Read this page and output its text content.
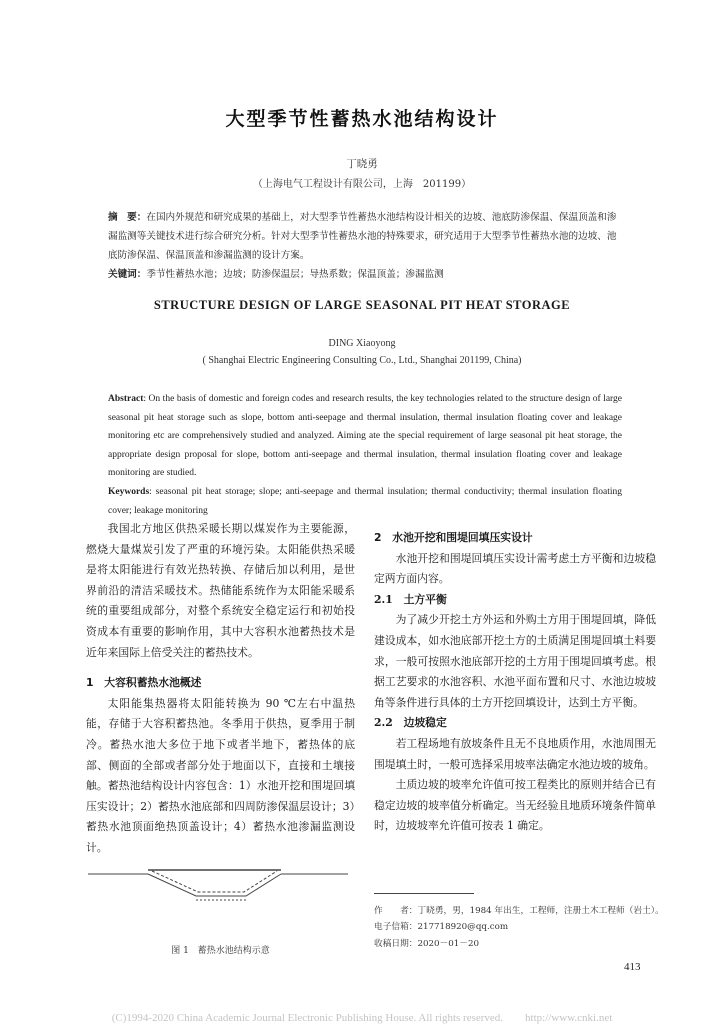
大型季节性蓄热水池结构设计
丁晓勇
（上海电气工程设计有限公司，上海　201199）
摘　要：在国内外规范和研究成果的基础上，对大型季节性蓄热水池结构设计相关的边坡、池底防渗保温、保温顶盖和渗漏监测等关键技术进行综合研究分析。针对大型季节性蓄热水池的特殊要求，研究适用于大型季节性蓄热水池的边坡、池底防渗保温、保温顶盖和渗漏监测的设计方案。
关键词：季节性蓄热水池；边坡；防渗保温层；导热系数；保温顶盖；渗漏监测
STRUCTURE DESIGN OF LARGE SEASONAL PIT HEAT STORAGE
DING Xiaoyong
( Shanghai Electric Engineering Consulting Co., Ltd., Shanghai 201199, China)
Abstract: On the basis of domestic and foreign codes and research results, the key technologies related to the structure design of large seasonal pit heat storage such as slope, bottom anti-seepage and thermal insulation, thermal insulation floating cover and leakage monitoring etc are comprehensively studied and analyzed. Aiming ate the special requirement of large seasonal pit heat storage, the appropriate design proposal for slope, bottom anti-seepage and thermal insulation, thermal insulation floating cover and leakage monitoring are studied.
Keywords: seasonal pit heat storage; slope; anti-seepage and thermal insulation; thermal conductivity; thermal insulation floating cover; leakage monitoring

我国北方地区供热采暖长期以煤炭作为主要能源，燃烧大量煤炭引发了严重的环境污染。太阳能供热采暖是将太阳能进行有效光热转换、存储后加以利用，是世界前沿的清洁采暖技术。热储能系统作为太阳能采暖系统的重要组成部分，对整个系统安全稳定运行和初始投资成本有重要的影响作用，其中大容积水池蓄热技术是近年来国际上倍受关注的蓄热技术。

1　大容积蓄热水池概述

太阳能集热器将太阳能转换为 90 ℃左右中温热能，存储于大容积蓄热池。冬季用于供热，夏季用于制冷。蓄热水池大多位于地下或者半地下，蓄热体的底部、侧面的全部或者部分处于地面以下，直接和土壤接触。蓄热池结构设计内容包含：1）水池开挖和围堤回填压实设计；2）蓄热水池底部和四周防渗保温层设计；3）蓄热水池顶面绝热顶盖设计；4）蓄热水池渗漏监测设计。

图 1　蓄热水池结构示意

2　水池开挖和围堤回填压实设计

水池开挖和围堤回填压实设计需考虑土方平衡和边坡稳定两方面内容。

2.1　土方平衡

为了减少开挖土方外运和外购土方用于围堤回填，降低建设成本，如水池底部开挖土方的土质满足围堤回填土料要求，一般可按照水池底部开挖的土方用于围堤回填考虑。根据工艺要求的水池容积、水池平面布置和尺寸、水池边坡坡角等条件进行具体的土方开挖回填设计，达到土方平衡。

2.2　边坡稳定

若工程场地有放坡条件且无不良地质作用，水池周围无围堤填土时，一般可选择采用坡率法确定水池边坡的坡角。

土质边坡的坡率允许值可按工程类比的原则并结合已有稳定边坡的坡率值分析确定。当无经验且地质环境条件简单时，边坡坡率允许值可按表 1 确定。

作　　者：丁晓勇，男，1984 年出生，工程师，注册土木工程师（岩土）。
电子信箱：217718920@qq.com
收稿日期：2020－01－20
413
(C)1994-2020 China Academic Journal Electronic Publishing House. All rights reserved.　　http://www.cnki.net
